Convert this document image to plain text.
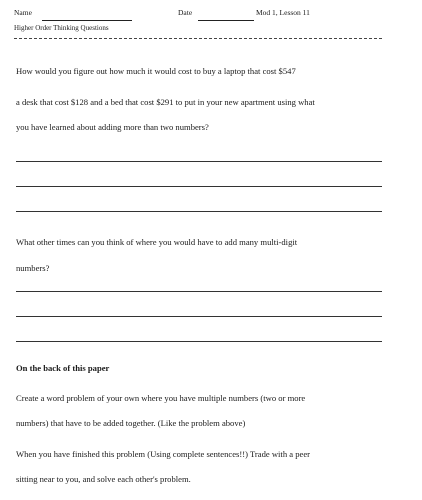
Name	Date	Mod 1, Lesson 11
Higher Order Thinking Questions
How would you figure out how much it would cost to buy a laptop that cost $547
a desk that cost $128 and a bed that cost $291 to put in your new apartment using what
you have learned about adding more than two numbers?
What other times can you think of where you would have to add many multi-digit
numbers?
On the back of this paper
Create a word problem of your own where you have multiple numbers (two or more
numbers) that have to be added together. (Like the problem above)
When you have finished this problem (Using complete sentences!!) Trade with a peer
sitting near to you, and solve each other's problem.
